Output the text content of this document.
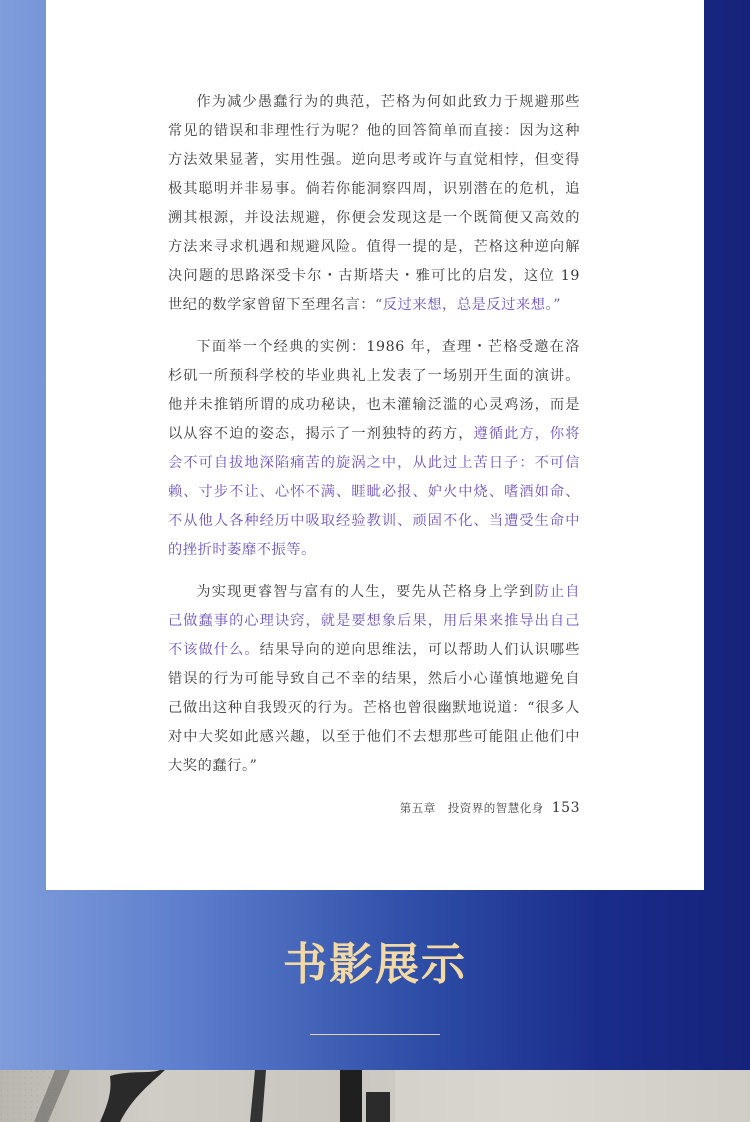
作为减少愚蠢行为的典范，芒格为何如此致力于规避那些常见的错误和非理性行为呢？他的回答简单而直接：因为这种方法效果显著，实用性强。逆向思考或许与直觉相悖，但变得极其聪明并非易事。倘若你能洞察四周，识别潜在的危机，追溯其根源，并设法规避，你便会发现这是一个既简便又高效的方法来寻求机遇和规避风险。值得一提的是，芒格这种逆向解决问题的思路深受卡尔・古斯塔夫・雅可比的启发，这位 19 世纪的数学家曾留下至理名言：“反过来想，总是反过来想。”

下面举一个经典的实例：1986 年，查理・芒格受邀在洛杉矶一所预科学校的毕业典礼上发表了一场别开生面的演讲。他并未推销所谓的成功秘诀，也未灌输泛滥的心灵鸡汤，而是以从容不迫的姿态，揭示了一剂独特的药方，遵循此方，你将会不可自拔地深陷痛苦的旋涡之中，从此过上苦日子：不可信赖、寸步不让、心怀不满、睚眦必报、妒火中烧、嗜酒如命、不从他人各种经历中吸取经验教训、顽固不化、当遭受生命中的挫折时萎靡不振等。

为实现更睿智与富有的人生，要先从芒格身上学到防止自己做蠢事的心理诀窍，就是要想象后果，用后果来推导出自己不该做什么。结果导向的逆向思维法，可以帮助人们认识哪些错误的行为可能导致自己不幸的结果，然后小心谨慎地避免自己做出这种自我毁灭的行为。芒格也曾很幽默地说道：“很多人对中大奖如此感兴趣，以至于他们不去想那些可能阻止他们中大奖的蠢行。”

第五章　投资界的智慧化身 153
书影展示
